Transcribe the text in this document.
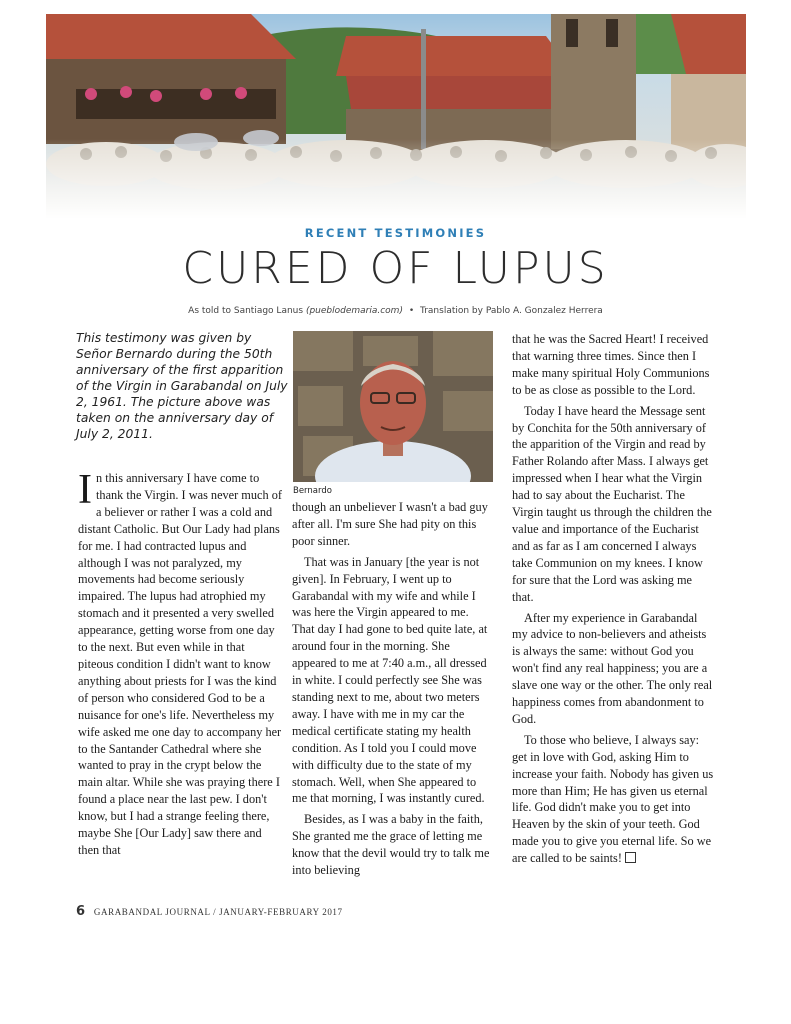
RECENT TESTIMONIES
CURED OF LUPUS
As told to Santiago Lanus (pueblodemaria.com) • Translation by Pablo A. Gonzalez Herrera
This testimony was given by Señor Bernardo during the 50th anniversary of the first apparition of the Virgin in Garabandal on July 2, 1961. The picture above was taken on the anniversary day of July 2, 2011.

In this anniversary I have come to thank the Virgin. I was never much of a believer or rather I was a cold and distant Catholic. But Our Lady had plans for me. I had contracted lupus and although I was not paralyzed, my movements had become seriously impaired. The lupus had atrophied my stomach and it presented a very swelled appearance, getting worse from one day to the next. But even while in that piteous condition I didn't want to know anything about priests for I was the kind of person who considered God to be a nuisance for one's life. Nevertheless my wife asked me one day to accompany her to the Santander Cathedral where she wanted to pray in the crypt below the main altar. While she was praying there I found a place near the last pew. I don't know, but I had a strange feeling there, maybe She [Our Lady] saw there and then that

Bernardo

though an unbeliever I wasn't a bad guy after all. I'm sure She had pity on this poor sinner.

That was in January [the year is not given]. In February, I went up to Garabandal with my wife and while I was here the Virgin appeared to me. That day I had gone to bed quite late, at around four in the morning. She appeared to me at 7:40 a.m., all dressed in white. I could perfectly see She was standing next to me, about two meters away. I have with me in my car the medical certificate stating my health condition. As I told you I could move with difficulty due to the state of my stomach. Well, when She appeared to me that morning, I was instantly cured.

Besides, as I was a baby in the faith, She granted me the grace of letting me know that the devil would try to talk me into believing

that he was the Sacred Heart! I received that warning three times. Since then I make many spiritual Holy Communions to be as close as possible to the Lord.

Today I have heard the Message sent by Conchita for the 50th anniversary of the apparition of the Virgin and read by Father Rolando after Mass. I always get impressed when I hear what the Virgin had to say about the Eucharist. The Virgin taught us through the children the value and importance of the Eucharist and as far as I am concerned I always take Communion on my knees. I know for sure that the Lord was asking me that.

After my experience in Garabandal my advice to non-believers and atheists is always the same: without God you won't find any real happiness; you are a slave one way or the other. The only real happiness comes from abandonment to God.

To those who believe, I always say: get in love with God, asking Him to increase your faith. Nobody has given us more than Him; He has given us eternal life. God didn't make you to get into Heaven by the skin of your teeth. God made you to give you eternal life. So we are called to be saints!

6 GARABANDAL JOURNAL / JANUARY-FEBRUARY 2017
